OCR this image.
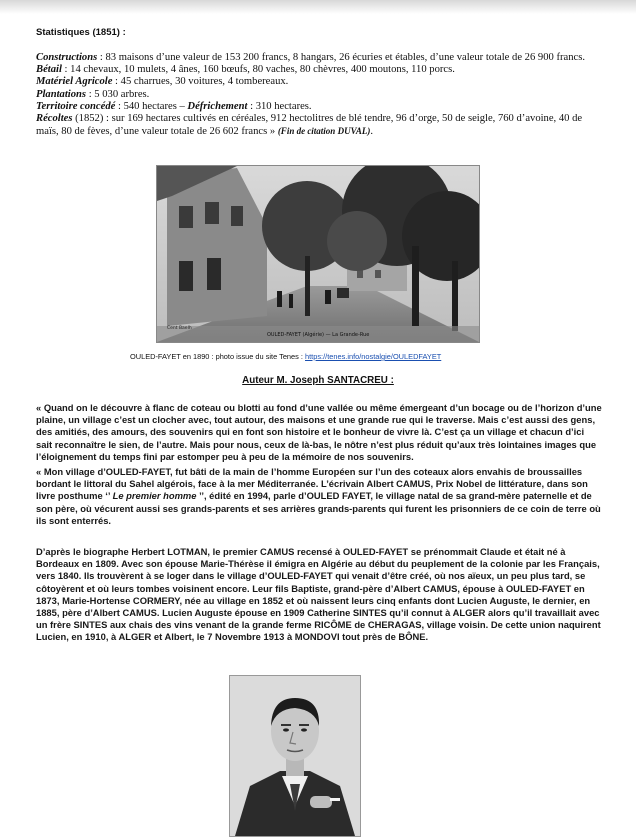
Statistiques (1851) :
Constructions : 83 maisons d’une valeur de 153 200 francs, 8 hangars, 26 écuries et étables, d’une valeur totale de 26 900 francs.
Bétail : 14 chevaux, 10 mulets, 4 ânes, 160 bœufs, 80 vaches, 80 chèvres, 400 moutons, 110 porcs.
Matériel Agricole : 45 charrues, 30 voitures, 4 tombereaux.
Plantations : 5 030 arbres.
Territoire concédé : 540 hectares – Défrichement : 310 hectares.
Récoltes (1852) : sur 169 hectares cultivés en céréales, 912 hectolitres de blé tendre, 96 d’orge, 50 de seigle, 760 d’avoine, 40 de maïs, 80 de fèves, d’une valeur totale de 26 602 francs » (Fin de citation DUVAL).
Cent Baelh
OULED-FAYET (Algérie) — La Grande-Rue
OULED-FAYET en 1890 : photo issue du site Tenes : https://tenes.info/nostalgie/OULEDFAYET
Auteur M. Joseph SANTACREU :
« Quand on le découvre à flanc de coteau ou blotti au fond d’une vallée ou même émergeant d’un bocage ou de l’horizon d’une plaine, un village c’est un clocher avec, tout autour, des maisons et une grande rue qui le traverse. Mais c’est aussi des gens, des amitiés, des amours, des souvenirs qui en font son histoire et le bonheur de vivre là. C’est ça un village et chacun d’ici sait reconnaître le sien, de l’autre. Mais pour nous, ceux de là-bas, le nôtre n’est plus réduit qu’aux très lointaines images que l’éloignement du temps fini par estomper peu à peu de la mémoire de nos souvenirs.
« Mon village d’OULED-FAYET, fut bâti de la main de l’homme Européen sur l’un des coteaux alors envahis de broussailles bordant le littoral du Sahel algérois, face à la mer Méditerranée. L’écrivain Albert CAMUS, Prix Nobel de littérature, dans son livre posthume ‘’ Le premier homme ’’, édité en 1994, parle d’OULED FAYET, le village natal de sa grand-mère paternelle et de son père, où vécurent aussi ses grands-parents et ses arrières grands-parents qui furent les prisonniers de ce coin de terre où ils sont enterrés.
D’après le biographe Herbert LOTMAN, le premier CAMUS recensé à OULED-FAYET se prénommait Claude et était né à Bordeaux en 1809. Avec son épouse Marie-Thérèse il émigra en Algérie au début du peuplement de la colonie par les Français, vers 1840. Ils trouvèrent à se loger dans le village d’OULED-FAYET qui venait d’être créé, où nos aïeux, un peu plus tard, se côtoyèrent et où leurs tombes voisinent encore. Leur fils Baptiste, grand-père d’Albert CAMUS, épouse à OULED-FAYET en 1873, Marie-Hortense CORMERY, née au village en 1852 et où naissent leurs cinq enfants dont Lucien Auguste, le dernier, en 1885, père d’Albert CAMUS. Lucien Auguste épouse en 1909 Catherine SINTES qu’il connut à ALGER alors qu’il travaillait avec un frère SINTES aux chais des vins venant de la grande ferme RICÔME de CHERAGAS, village voisin. De cette union naquirent Lucien, en 1910, à ALGER et Albert, le 7 Novembre 1913 à MONDOVI tout près de BÔNE.
